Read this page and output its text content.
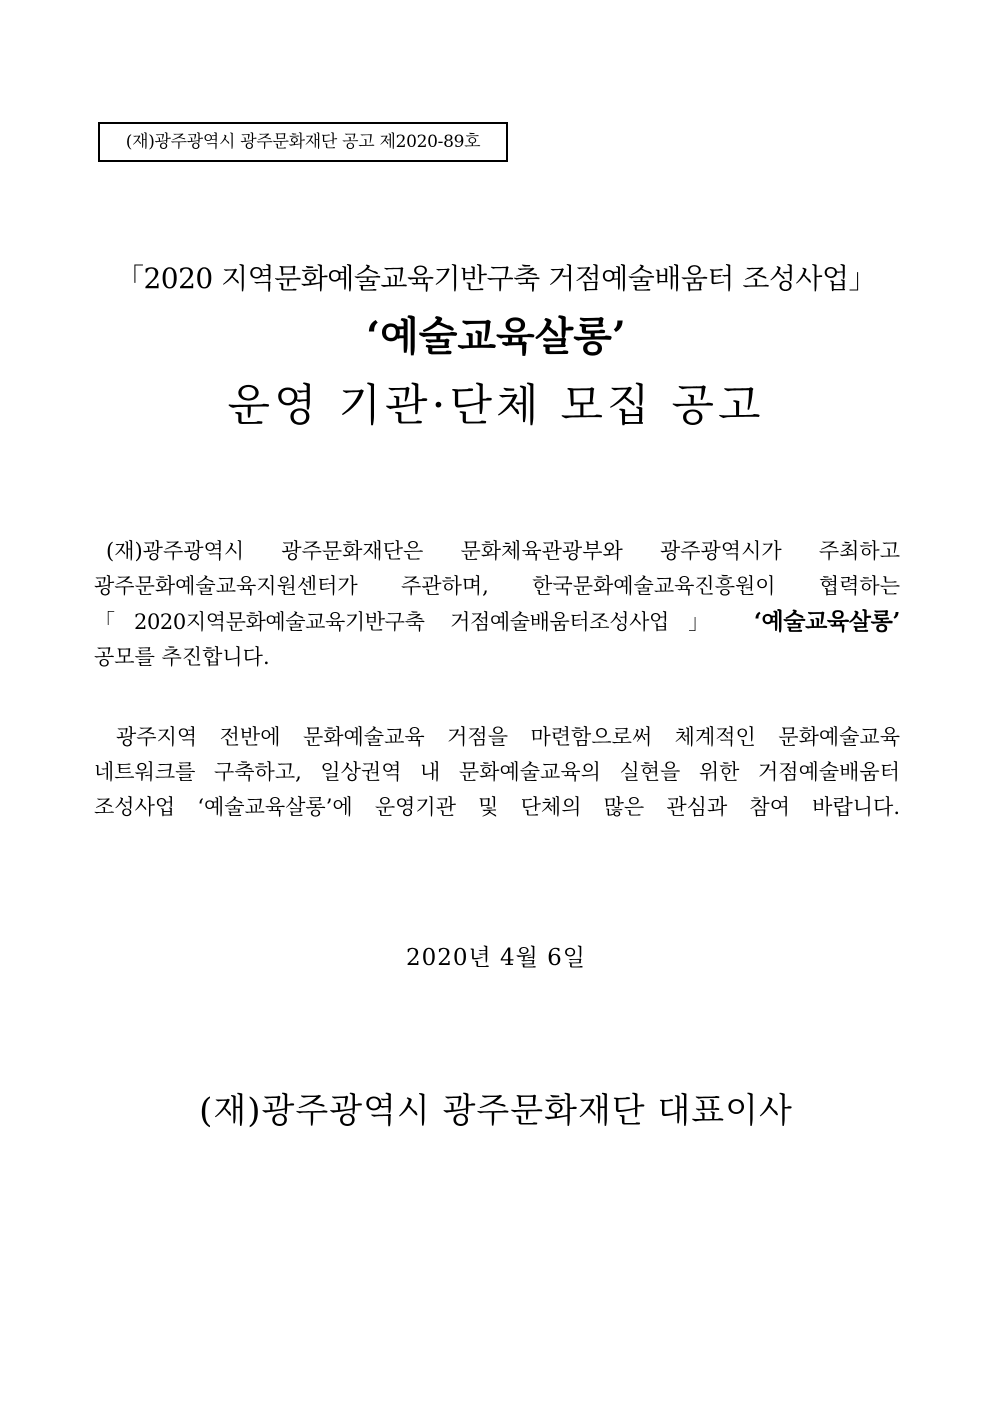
(재)광주광역시 광주문화재단 공고 제2020-89호
「2020 지역문화예술교육기반구축 거점예술배움터 조성사업」
‘예술교육살롱’
운영 기관·단체 모집 공고
(재)광주광역시 광주문화재단은 문화체육관광부와 광주광역시가 주최하고
광주문화예술교육지원센터가 주관하며, 한국문화예술교육진흥원이 협력하는
「2020지역문화예술교육기반구축 거점예술배움터조성사업」 ‘예술교육살롱’
공모를 추진합니다.
광주지역 전반에 문화예술교육 거점을 마련함으로써 체계적인 문화예술교육
네트워크를 구축하고, 일상권역 내 문화예술교육의 실현을 위한 거점예술배움터
조성사업 ‘예술교육살롱’에 운영기관 및 단체의 많은 관심과 참여 바랍니다.
2020년 4월 6일
(재)광주광역시 광주문화재단 대표이사
